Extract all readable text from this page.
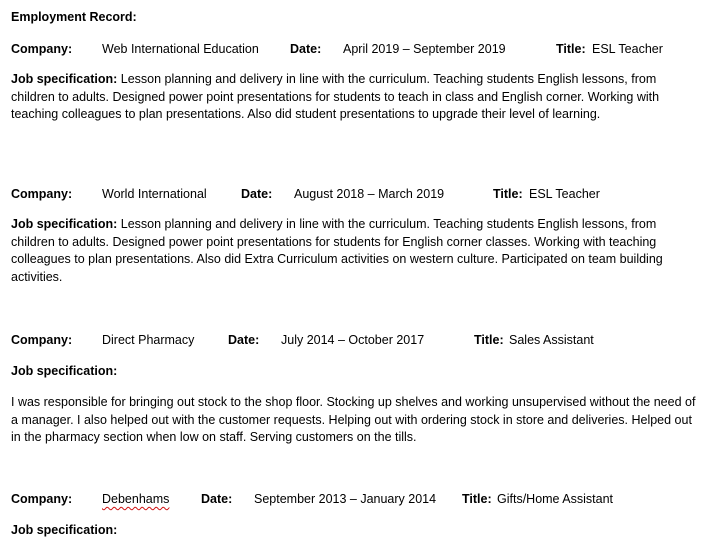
Employment Record:
Company: Web International Education Date: April 2019 – September 2019	Title: ESL Teacher
Job specification: Lesson planning and delivery in line with the curriculum. Teaching students English lessons, from children to adults. Designed power point presentations for students to teach in class and English corner. Working with teaching colleagues to plan presentations. Also did student presentations to upgrade their level of learning.
Company: World International	Date: August 2018 – March 2019	Title: ESL Teacher
Job specification: Lesson planning and delivery in line with the curriculum. Teaching students English lessons, from children to adults. Designed power point presentations for students for English corner classes. Working with teaching colleagues to plan presentations. Also did Extra Curriculum activities on western culture. Participated on team building activities.
Company: Direct Pharmacy	Date: July 2014 – October 2017	Title: Sales Assistant
Job specification:
I was responsible for bringing out stock to the shop floor. Stocking up shelves and working unsupervised without the need of a manager. I also helped out with the customer requests. Helping out with ordering stock in store and deliveries. Helped out in the pharmacy section when low on staff. Serving customers on the tills.
Company: Debenhams	Date: September 2013 – January 2014 Title: Gifts/Home Assistant
Job specification:
